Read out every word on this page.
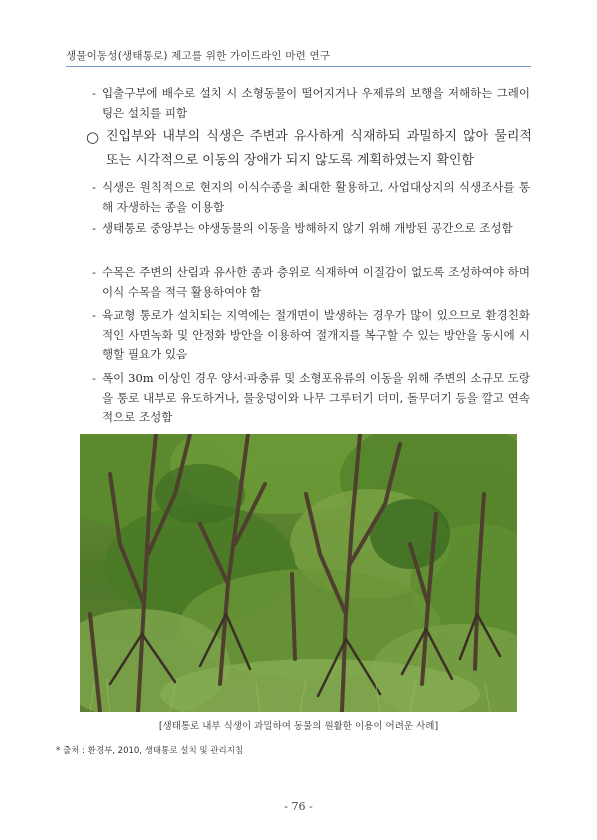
생물이동성(생태통로) 제고를 위한 가이드라인 마련 연구
- 입출구부에 배수로 설치 시 소형동물이 떨어지거나 우제류의 보행을 저해하는 그레이팅은 설치를 피함
○ 진입부와 내부의 식생은 주변과 유사하게 식재하되 과밀하지 않아 물리적 또는 시각적으로 이동의 장애가 되지 않도록 계획하였는지 확인함
- 식생은 원칙적으로 현지의 이식수종을 최대한 활용하고, 사업대상지의 식생조사를 통해 자생하는 종을 이용함
- 생태통로 중앙부는 야생동물의 이동을 방해하지 않기 위해 개방된 공간으로 조성함
- 수목은 주변의 산림과 유사한 종과 층위로 식재하여 이질감이 없도록 조성하여야 하며 이식 수목을 적극 활용하여야 함
- 육교형 통로가 설치되는 지역에는 절개면이 발생하는 경우가 많이 있으므로 환경친화적인 사면녹화 및 안정화 방안을 이용하여 절개지를 복구할 수 있는 방안을 동시에 시행할 필요가 있음
- 폭이 30m 이상인 경우 양서·파충류 및 소형포유류의 이동을 위해 주변의 소규모 도랑을 통로 내부로 유도하거나, 물웅덩이와 나무 그루터기 더미, 돌무더기 등을 깔고 연속적으로 조성함
[생태통로 내부 식생이 과밀하여 동물의 원활한 이용이 어려운 사례]
* 출처 : 환경부, 2010, 생태통로 설치 및 관리지침
- 76 -
